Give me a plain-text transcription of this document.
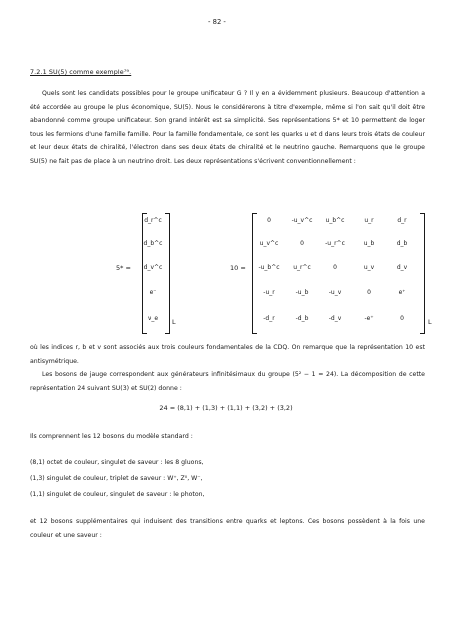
- 82 -
7.2.1 SU(5) comme exemple⁷⁹.
Quels sont les candidats possibles pour le groupe unificateur G ? Il y en a évidemment plusieurs. Beaucoup d'attention a été accordée au groupe le plus économique, SU(5). Nous le considérerons à titre d'exemple, même si l'on sait qu'il doit être abandonné comme groupe unificateur. Son grand intérêt est sa simplicité. Ses représentations 5* et 10 permettent de loger tous les fermions d'une famille famille. Pour la famille fondamentale, ce sont les quarks u et d dans leurs trois états de couleur et leur deux états de chiralité, l'électron dans ses deux états de chiralité et le neutrino gauche. Remarquons que le groupe SU(5) ne fait pas de place à un neutrino droit. Les deux représentations s'écrivent conventionnellement :
5* =
d_r^c
d_b^c
d_v^c
e⁻
ν_e	L
10 =
0	-u_v^c	u_b^c	u_r	d_r
u_v^c	0	-u_r^c	u_b	d_b
-u_b^c	u_r^c	0	u_v	d_v
-u_r	-u_b	-u_v	0	e⁺
-d_r	-d_b	-d_v	-e⁺	0	L
où les indices r, b et v sont associés aux trois couleurs fondamentales de la CDQ. On remarque que la représentation 10 est antisymétrique.
Les bosons de jauge correspondent aux générateurs infinitésimaux du groupe (5² − 1 = 24). La décomposition de cette représentation 24 suivant SU(3) et SU(2) donne :
24 = (8,1) + (1,3) + (1,1) + (3,2) + (3̄,2)
Ils comprennent les 12 bosons du modèle standard :
(8,1) octet de couleur, singulet de saveur : les 8 gluons,
(1,3) singulet de couleur, triplet de saveur : W⁺, Z⁰, W⁻,
(1,1) singulet de couleur, singulet de saveur : le photon,
et 12 bosons supplémentaires qui induisent des transitions entre quarks et leptons. Ces bosons possèdent à la fois une couleur et une saveur :
